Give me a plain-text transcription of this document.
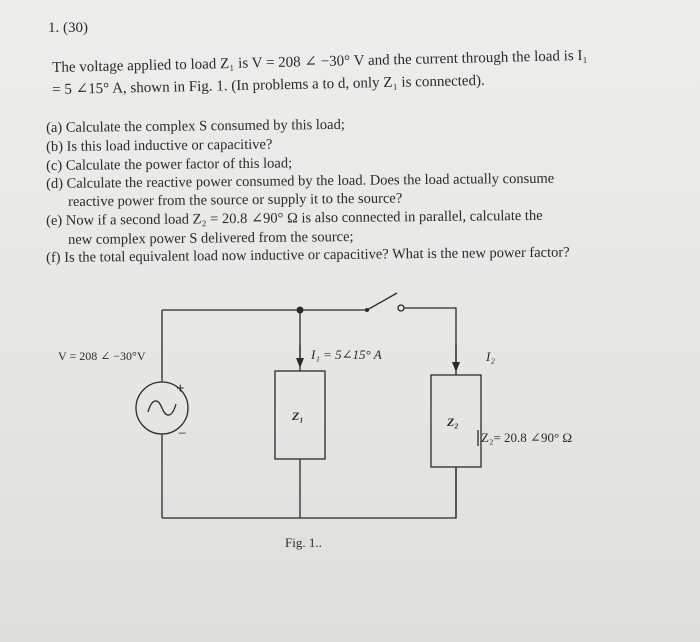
1. (30)
The voltage applied to load Z₁ is V = 208 ∠ −30° V and the current through the load is I₁
= 5 ∠15° A, shown in Fig. 1. (In problems a to d, only Z₁ is connected).
(a) Calculate the complex S consumed by this load;
(b) Is this load inductive or capacitive?
(c) Calculate the power factor of this load;
(d) Calculate the reactive power consumed by the load. Does the load actually consume
reactive power from the source or supply it to the source?
(e) Now if a second load Z₂ = 20.8 ∠90° Ω is also connected in parallel, calculate the
new complex power S delivered from the source;
(f) Is the total equivalent load now inductive or capacitive? What is the new power factor?
V = 208 ∠ −30°V
+
−
I₁ = 5∠15° A	I₂
Z₁	Z₂
Z₂= 20.8 ∠90° Ω
Fig. 1..
